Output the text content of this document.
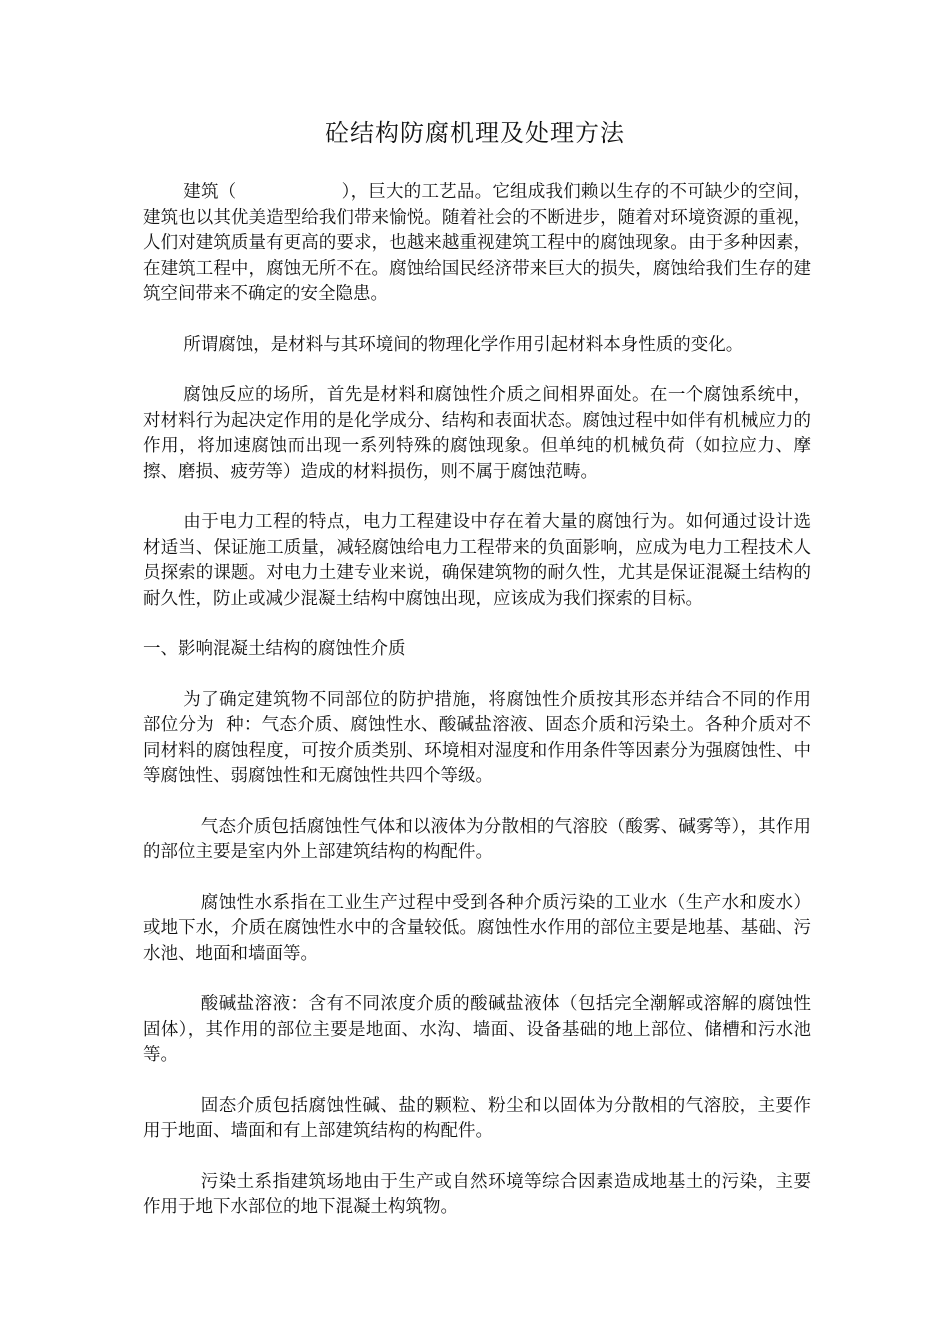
砼结构防腐机理及处理方法

建筑（	），巨大的工艺品。它组成我们赖以生存的不可缺少的空间，建筑也以其优美造型给我们带来愉悦。随着社会的不断进步，随着对环境资源的重视，人们对建筑质量有更高的要求，也越来越重视建筑工程中的腐蚀现象。由于多种因素，在建筑工程中，腐蚀无所不在。腐蚀给国民经济带来巨大的损失，腐蚀给我们生存的建筑空间带来不确定的安全隐患。

所谓腐蚀，是材料与其环境间的物理化学作用引起材料本身性质的变化。

腐蚀反应的场所，首先是材料和腐蚀性介质之间相界面处。在一个腐蚀系统中，对材料行为起决定作用的是化学成分、结构和表面状态。腐蚀过程中如伴有机械应力的作用，将加速腐蚀而出现一系列特殊的腐蚀现象。但单纯的机械负荷（如拉应力、摩擦、磨损、疲劳等）造成的材料损伤，则不属于腐蚀范畴。

由于电力工程的特点，电力工程建设中存在着大量的腐蚀行为。如何通过设计选材适当、保证施工质量，减轻腐蚀给电力工程带来的负面影响，应成为电力工程技术人员探索的课题。对电力土建专业来说，确保建筑物的耐久性，尤其是保证混凝土结构的耐久性，防止或减少混凝土结构中腐蚀出现，应该成为我们探索的目标。

一、影响混凝土结构的腐蚀性介质

为了确定建筑物不同部位的防护措施，将腐蚀性介质按其形态并结合不同的作用部位分为 种：气态介质、腐蚀性水、酸碱盐溶液、固态介质和污染土。各种介质对不同材料的腐蚀程度，可按介质类别、环境相对湿度和作用条件等因素分为强腐蚀性、中等腐蚀性、弱腐蚀性和无腐蚀性共四个等级。

气态介质包括腐蚀性气体和以液体为分散相的气溶胶（酸雾、碱雾等），其作用的部位主要是室内外上部建筑结构的构配件。

腐蚀性水系指在工业生产过程中受到各种介质污染的工业水（生产水和废水）或地下水，介质在腐蚀性水中的含量较低。腐蚀性水作用的部位主要是地基、基础、污水池、地面和墙面等。

酸碱盐溶液：含有不同浓度介质的酸碱盐液体（包括完全潮解或溶解的腐蚀性固体），其作用的部位主要是地面、水沟、墙面、设备基础的地上部位、储槽和污水池等。

固态介质包括腐蚀性碱、盐的颗粒、粉尘和以固体为分散相的气溶胶，主要作用于地面、墙面和有上部建筑结构的构配件。

污染土系指建筑场地由于生产或自然环境等综合因素造成地基土的污染，主要作用于地下水部位的地下混凝土构筑物。
